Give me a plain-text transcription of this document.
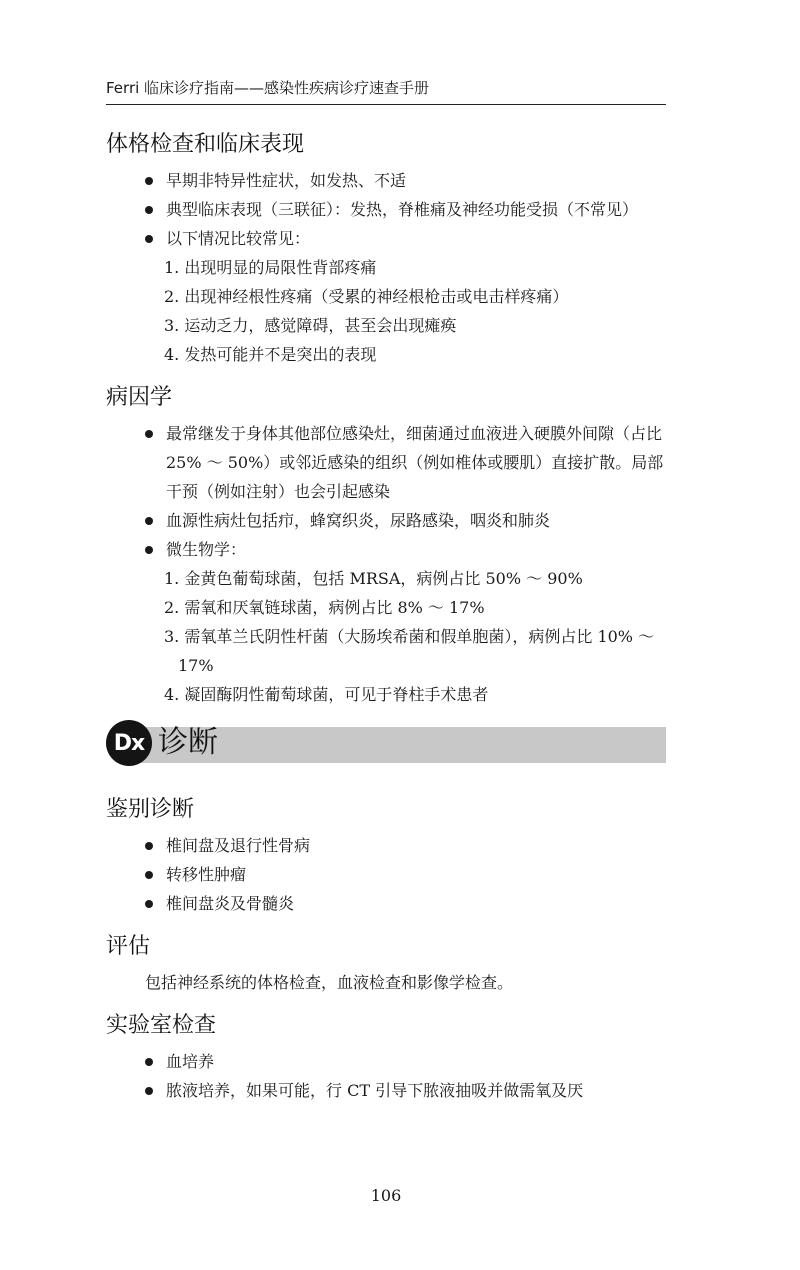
Ferri 临床诊疗指南——感染性疾病诊疗速查手册
体格检查和临床表现
早期非特异性症状，如发热、不适
典型临床表现（三联征）：发热，脊椎痛及神经功能受损（不常见）
以下情况比较常见：
1. 出现明显的局限性背部疼痛
2. 出现神经根性疼痛（受累的神经根枪击或电击样疼痛）
3. 运动乏力，感觉障碍，甚至会出现瘫痪
4. 发热可能并不是突出的表现
病因学
最常继发于身体其他部位感染灶，细菌通过血液进入硬膜外间隙（占比 25% ～ 50%）或邻近感染的组织（例如椎体或腰肌）直接扩散。局部干预（例如注射）也会引起感染
血源性病灶包括疖，蜂窝织炎，尿路感染，咽炎和肺炎
微生物学：
1. 金黄色葡萄球菌，包括 MRSA，病例占比 50% ～ 90%
2. 需氧和厌氧链球菌，病例占比 8% ～ 17%
3. 需氧革兰氏阴性杆菌（大肠埃希菌和假单胞菌），病例占比 10% ～ 17%
4. 凝固酶阴性葡萄球菌，可见于脊柱手术患者
Dx 诊断
鉴别诊断
椎间盘及退行性骨病
转移性肿瘤
椎间盘炎及骨髓炎
评估

包括神经系统的体格检查，血液检查和影像学检查。

实验室检查
血培养
脓液培养，如果可能，行 CT 引导下脓液抽吸并做需氧及厌
106
